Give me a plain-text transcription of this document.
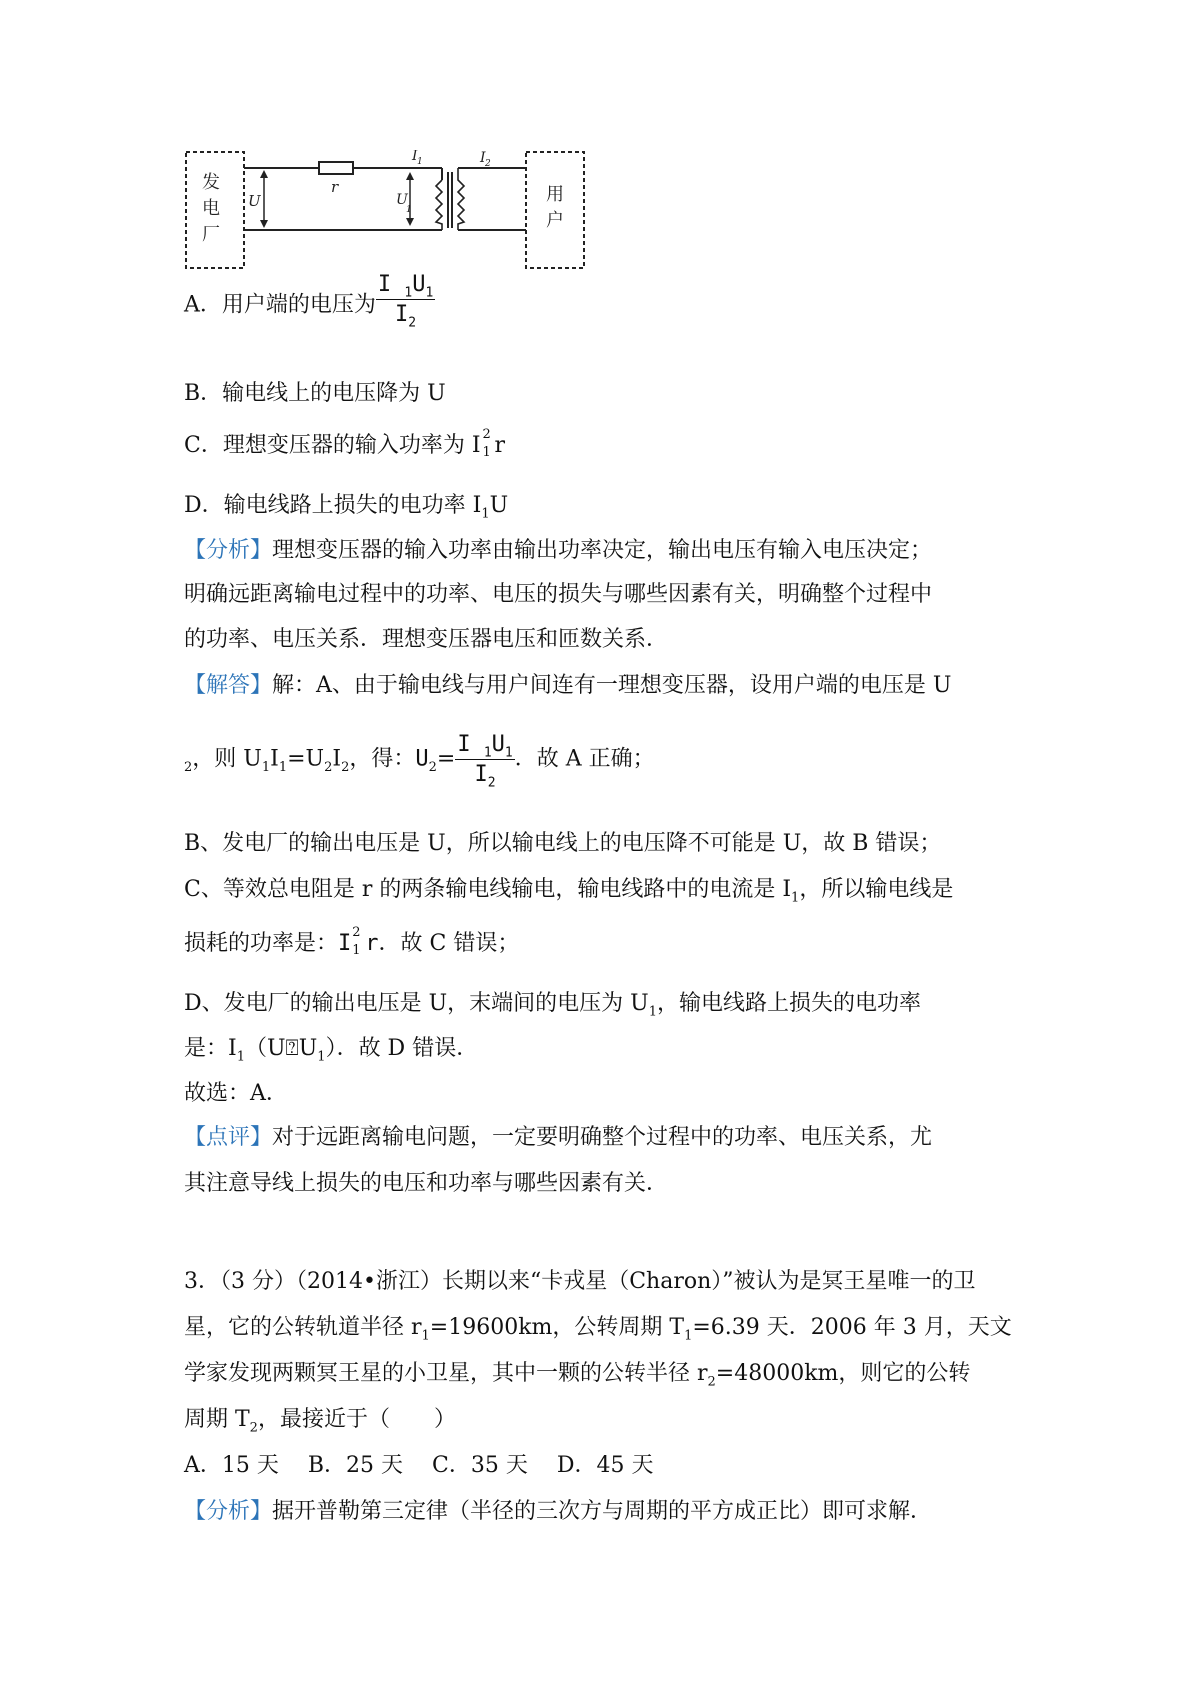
发
电
厂
用
户
r
U	U
1
I 1	I 2
A．用户端的电压为 $\frac{I _1U_1}{I_2}$
B．输电线上的电压降为 U
C．理想变压器的输入功率为 I 2
1 r
D．输电线路上损失的电功率 $I_1U$
【分析】理想变压器的输入功率由输出功率决定，输出电压有输入电压决定；
明确远距离输电过程中的功率、电压的损失与哪些因素有关，明确整个过程中
的功率、电压关系．理想变压器电压和匝数关系．
【解答】解：A、由于输电线与用户间连有一理想变压器，设用户端的电压是 U
$_2$，则 $U_1I_1=U_2I_2$，得：$U_2= \frac{I _1U_1}{I_2}$ ．故 A 正确；
B、发电厂的输出电压是 U，所以输电线上的电压降不可能是 U，故 B 错误；
C、等效总电阻是 r 的两条输电线输电，输电线路中的电流是 $I_1$，所以输电线是
损耗的功率是：I 2
1 r．故 C 错误；
D、发电厂的输出电压是 U，末端间的电压为 $U_1$，输电线路上损失的电功率
是：$I_1(U⍰U_1)$．故 D 错误．
故选：A．
【点评】对于远距离输电问题，一定要明确整个过程中的功率、电压关系，尤
其注意导线上损失的电压和功率与哪些因素有关．
3．（3 分）（2014•浙江）长期以来“卡戎星（Charon）”被认为是冥王星唯一的卫
星，它的公转轨道半径 $r_1=19600km$，公转周期 $T_1=6.39$ 天．2006 年 3 月，天文
学家发现两颗冥王星的小卫星，其中一颗的公转半径 $r_2=48000km$，则它的公转
周期 $T_2$，最接近于（　　）
A．15 天　 B．25 天　 C．35 天　 D．45 天
【分析】据开普勒第三定律（半径的三次方与周期的平方成正比）即可求解．
